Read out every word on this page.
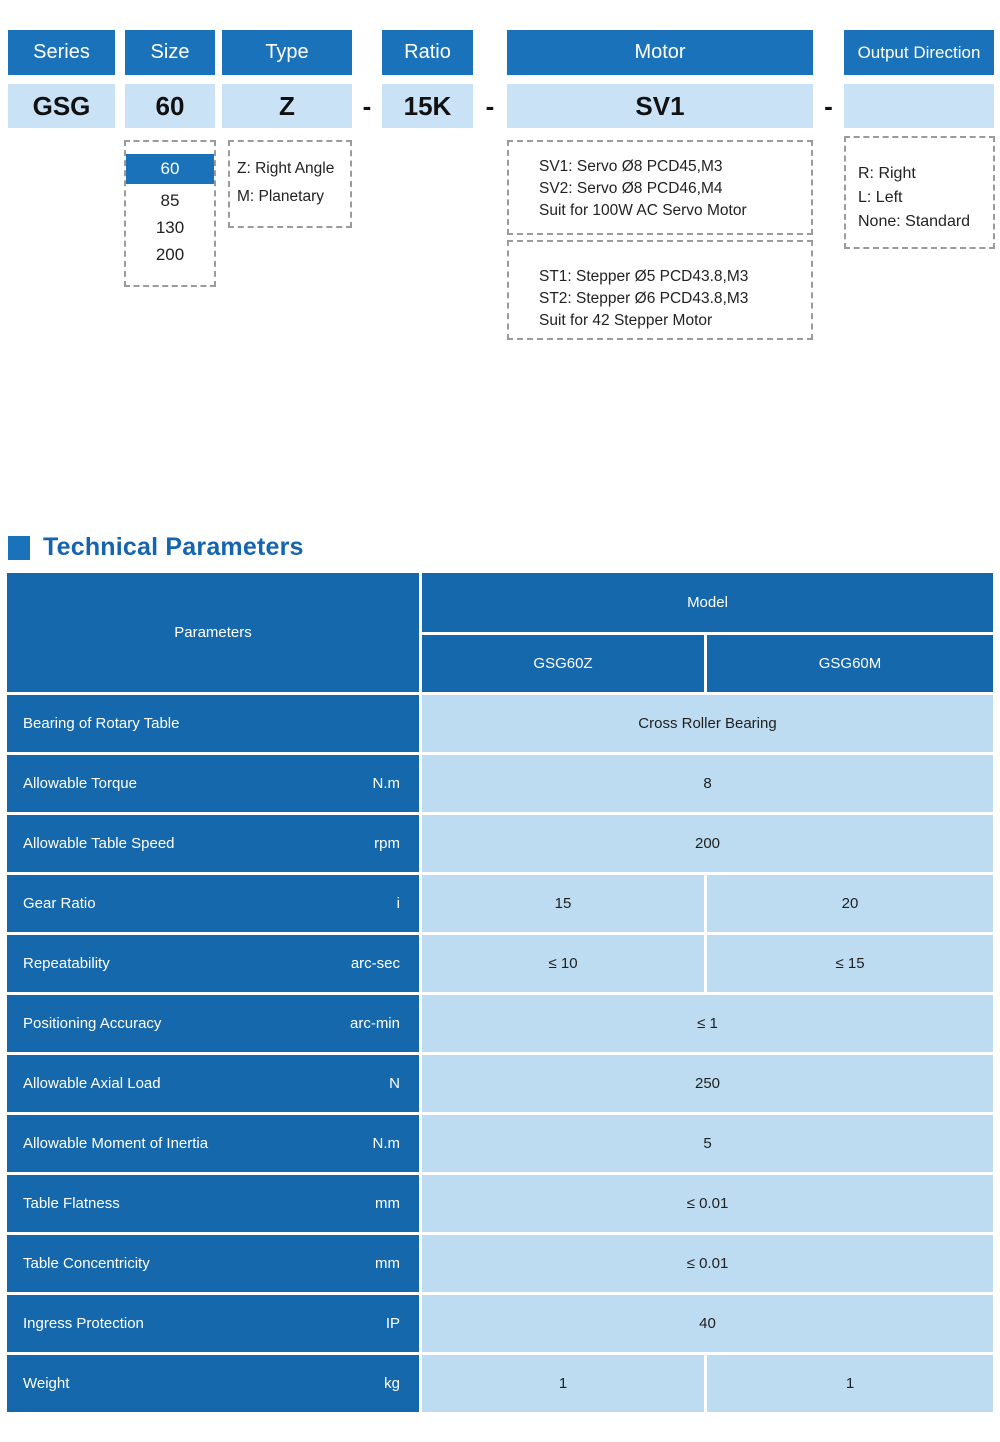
Series	Size	Type	Ratio	Motor	Output Direction
GSG	60	Z	15K	SV1
-	-	-
60
85
130
200
Z: Right Angle
M: Planetary
SV1: Servo Ø8 PCD45,M3
SV2: Servo Ø8 PCD46,M4
Suit for 100W AC Servo Motor
ST1: Stepper Ø5 PCD43.8,M3
ST2: Stepper Ø6 PCD43.8,M3
Suit for 42 Stepper Motor
R: Right
L: Left
None: Standard
Technical Parameters
Parameters
Model
GSG60Z	GSG60M
Bearing of Rotary Table	Cross Roller Bearing
Allowable Torque	N.m	8
Allowable Table Speed	rpm	200
Gear Ratio	i	15	20
Repeatability	arc-sec	≤ 10	≤ 15
Positioning Accuracy	arc-min	≤ 1
Allowable Axial Load	N	250
Allowable Moment of Inertia	N.m	5
Table Flatness	mm	≤ 0.01
Table Concentricity	mm	≤ 0.01
Ingress Protection	IP	40
Weight	kg	1	1
